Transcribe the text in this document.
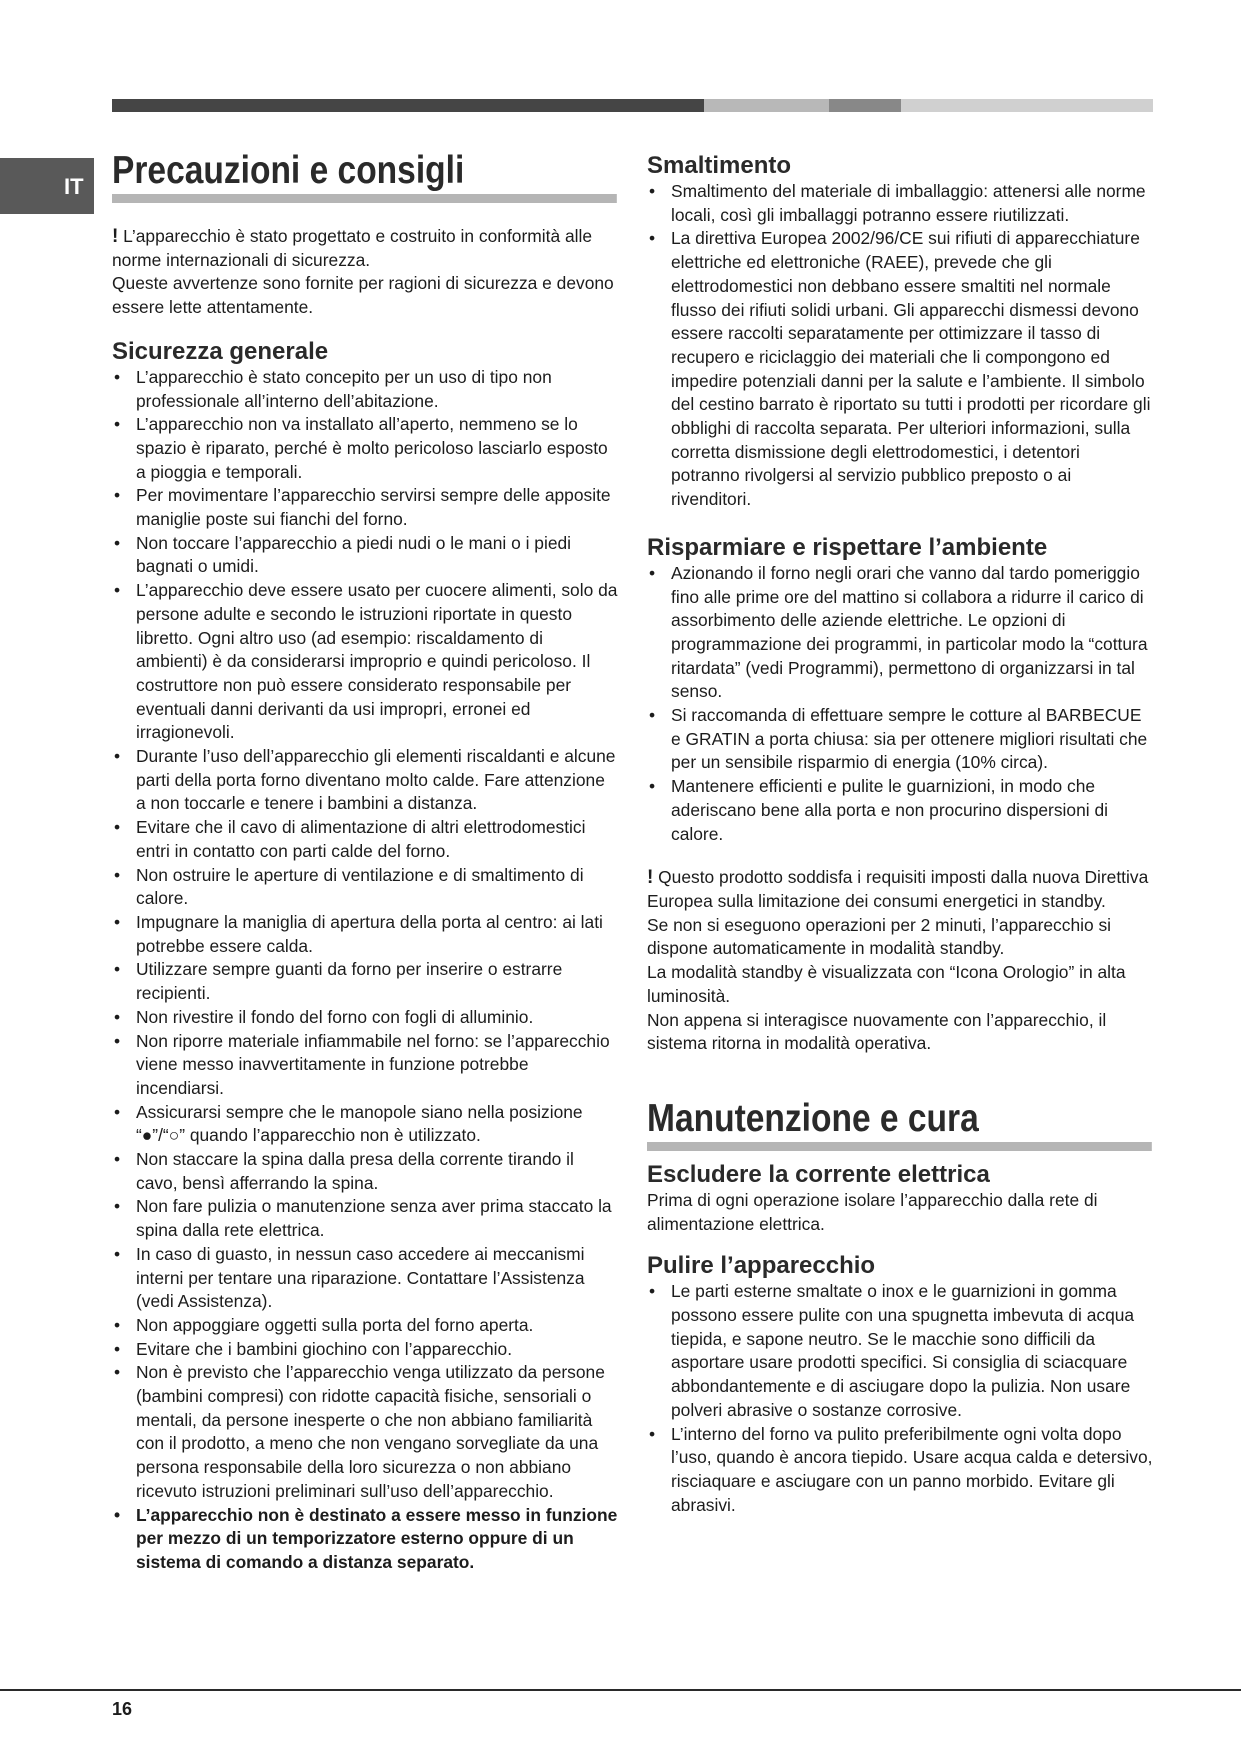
IT Precauzioni e consigli

! L’apparecchio è stato progettato e costruito in conformità alle norme internazionali di sicurezza.

Queste avvertenze sono fornite per ragioni di sicurezza e devono essere lette attentamente.

Sicurezza generale
• L’apparecchio è stato concepito per un uso di tipo non professionale all’interno dell’abitazione.
• L’apparecchio non va installato all’aperto, nemmeno se lo spazio è riparato, perché è molto pericoloso lasciarlo esposto a pioggia e temporali.
• Per movimentare l’apparecchio servirsi sempre delle apposite maniglie poste sui fianchi del forno.
• Non toccare l’apparecchio a piedi nudi o le mani o i piedi bagnati o umidi.
• L’apparecchio deve essere usato per cuocere alimenti, solo da persone adulte e secondo le istruzioni riportate in questo libretto. Ogni altro uso (ad esempio: riscaldamento di ambienti) è da considerarsi improprio e quindi pericoloso. Il costruttore non può essere considerato responsabile per eventuali danni derivanti da usi impropri, erronei ed irragionevoli.
• Durante l’uso dell’apparecchio gli elementi riscaldanti e alcune parti della porta forno diventano molto calde. Fare attenzione a non toccarle e tenere i bambini a distanza.
• Evitare che il cavo di alimentazione di altri elettrodomestici entri in contatto con parti calde del forno.
• Non ostruire le aperture di ventilazione e di smaltimento di calore.
• Impugnare la maniglia di apertura della porta al centro: ai lati potrebbe essere calda.
• Utilizzare sempre guanti da forno per inserire o estrarre recipienti.
• Non rivestire il fondo del forno con fogli di alluminio.
• Non riporre materiale infiammabile nel forno: se l’apparecchio viene messo inavvertitamente in funzione potrebbe incendiarsi.
• Assicurarsi sempre che le manopole siano nella posizione “●”/“○” quando l’apparecchio non è utilizzato.
• Non staccare la spina dalla presa della corrente tirando il cavo, bensì afferrando la spina.
• Non fare pulizia o manutenzione senza aver prima staccato la spina dalla rete elettrica.
• In caso di guasto, in nessun caso accedere ai meccanismi interni per tentare una riparazione. Contattare l’Assistenza (vedi Assistenza).
• Non appoggiare oggetti sulla porta del forno aperta.
• Evitare che i bambini giochino con l’apparecchio.
• Non è previsto che l’apparecchio venga utilizzato da persone (bambini compresi) con ridotte capacità fisiche, sensoriali o mentali, da persone inesperte o che non abbiano familiarità con il prodotto, a meno che non vengano sorvegliate da una persona responsabile della loro sicurezza o non abbiano ricevuto istruzioni preliminari sull’uso dell’apparecchio.
• L’apparecchio non è destinato a essere messo in funzione per mezzo di un temporizzatore esterno oppure di un sistema di comando a distanza separato.
Smaltimento
• Smaltimento del materiale di imballaggio: attenersi alle norme locali, così gli imballaggi potranno essere riutilizzati.
• La direttiva Europea 2002/96/CE sui rifiuti di apparecchiature elettriche ed elettroniche (RAEE), prevede che gli elettrodomestici non debbano essere smaltiti nel normale flusso dei rifiuti solidi urbani. Gli apparecchi dismessi devono essere raccolti separatamente per ottimizzare il tasso di recupero e riciclaggio dei materiali che li compongono ed impedire potenziali danni per la salute e l’ambiente. Il simbolo del cestino barrato è riportato su tutti i prodotti per ricordare gli obblighi di raccolta separata. Per ulteriori informazioni, sulla corretta dismissione degli elettrodomestici, i detentori potranno rivolgersi al servizio pubblico preposto o ai rivenditori.
Risparmiare e rispettare l’ambiente
• Azionando il forno negli orari che vanno dal tardo pomeriggio fino alle prime ore del mattino si collabora a ridurre il carico di assorbimento delle aziende elettriche. Le opzioni di programmazione dei programmi, in particolar modo la “cottura ritardata” (vedi Programmi), permettono di organizzarsi in tal senso.
• Si raccomanda di effettuare sempre le cotture al BARBECUE e GRATIN a porta chiusa: sia per ottenere migliori risultati che per un sensibile risparmio di energia (10% circa).
• Mantenere efficienti e pulite le guarnizioni, in modo che aderiscano bene alla porta e non procurino dispersioni di calore.

! Questo prodotto soddisfa i requisiti imposti dalla nuova Direttiva Europea sulla limitazione dei consumi energetici in standby.

Se non si eseguono operazioni per 2 minuti, l’apparecchio si dispone automaticamente in modalità standby.

La modalità standby è visualizzata con “Icona Orologio” in alta luminosità.

Non appena si interagisce nuovamente con l’apparecchio, il sistema ritorna in modalità operativa.

Manutenzione e cura
Escludere la corrente elettrica

Prima di ogni operazione isolare l’apparecchio dalla rete di alimentazione elettrica.

Pulire l’apparecchio
• Le parti esterne smaltate o inox e le guarnizioni in gomma possono essere pulite con una spugnetta imbevuta di acqua tiepida, e sapone neutro. Se le macchie sono difficili da asportare usare prodotti specifici. Si consiglia di sciacquare abbondantemente e di asciugare dopo la pulizia. Non usare polveri abrasive o sostanze corrosive.
• L’interno del forno va pulito preferibilmente ogni volta dopo l’uso, quando è ancora tiepido. Usare acqua calda e detersivo, risciaquare e asciugare con un panno morbido. Evitare gli abrasivi.
16
